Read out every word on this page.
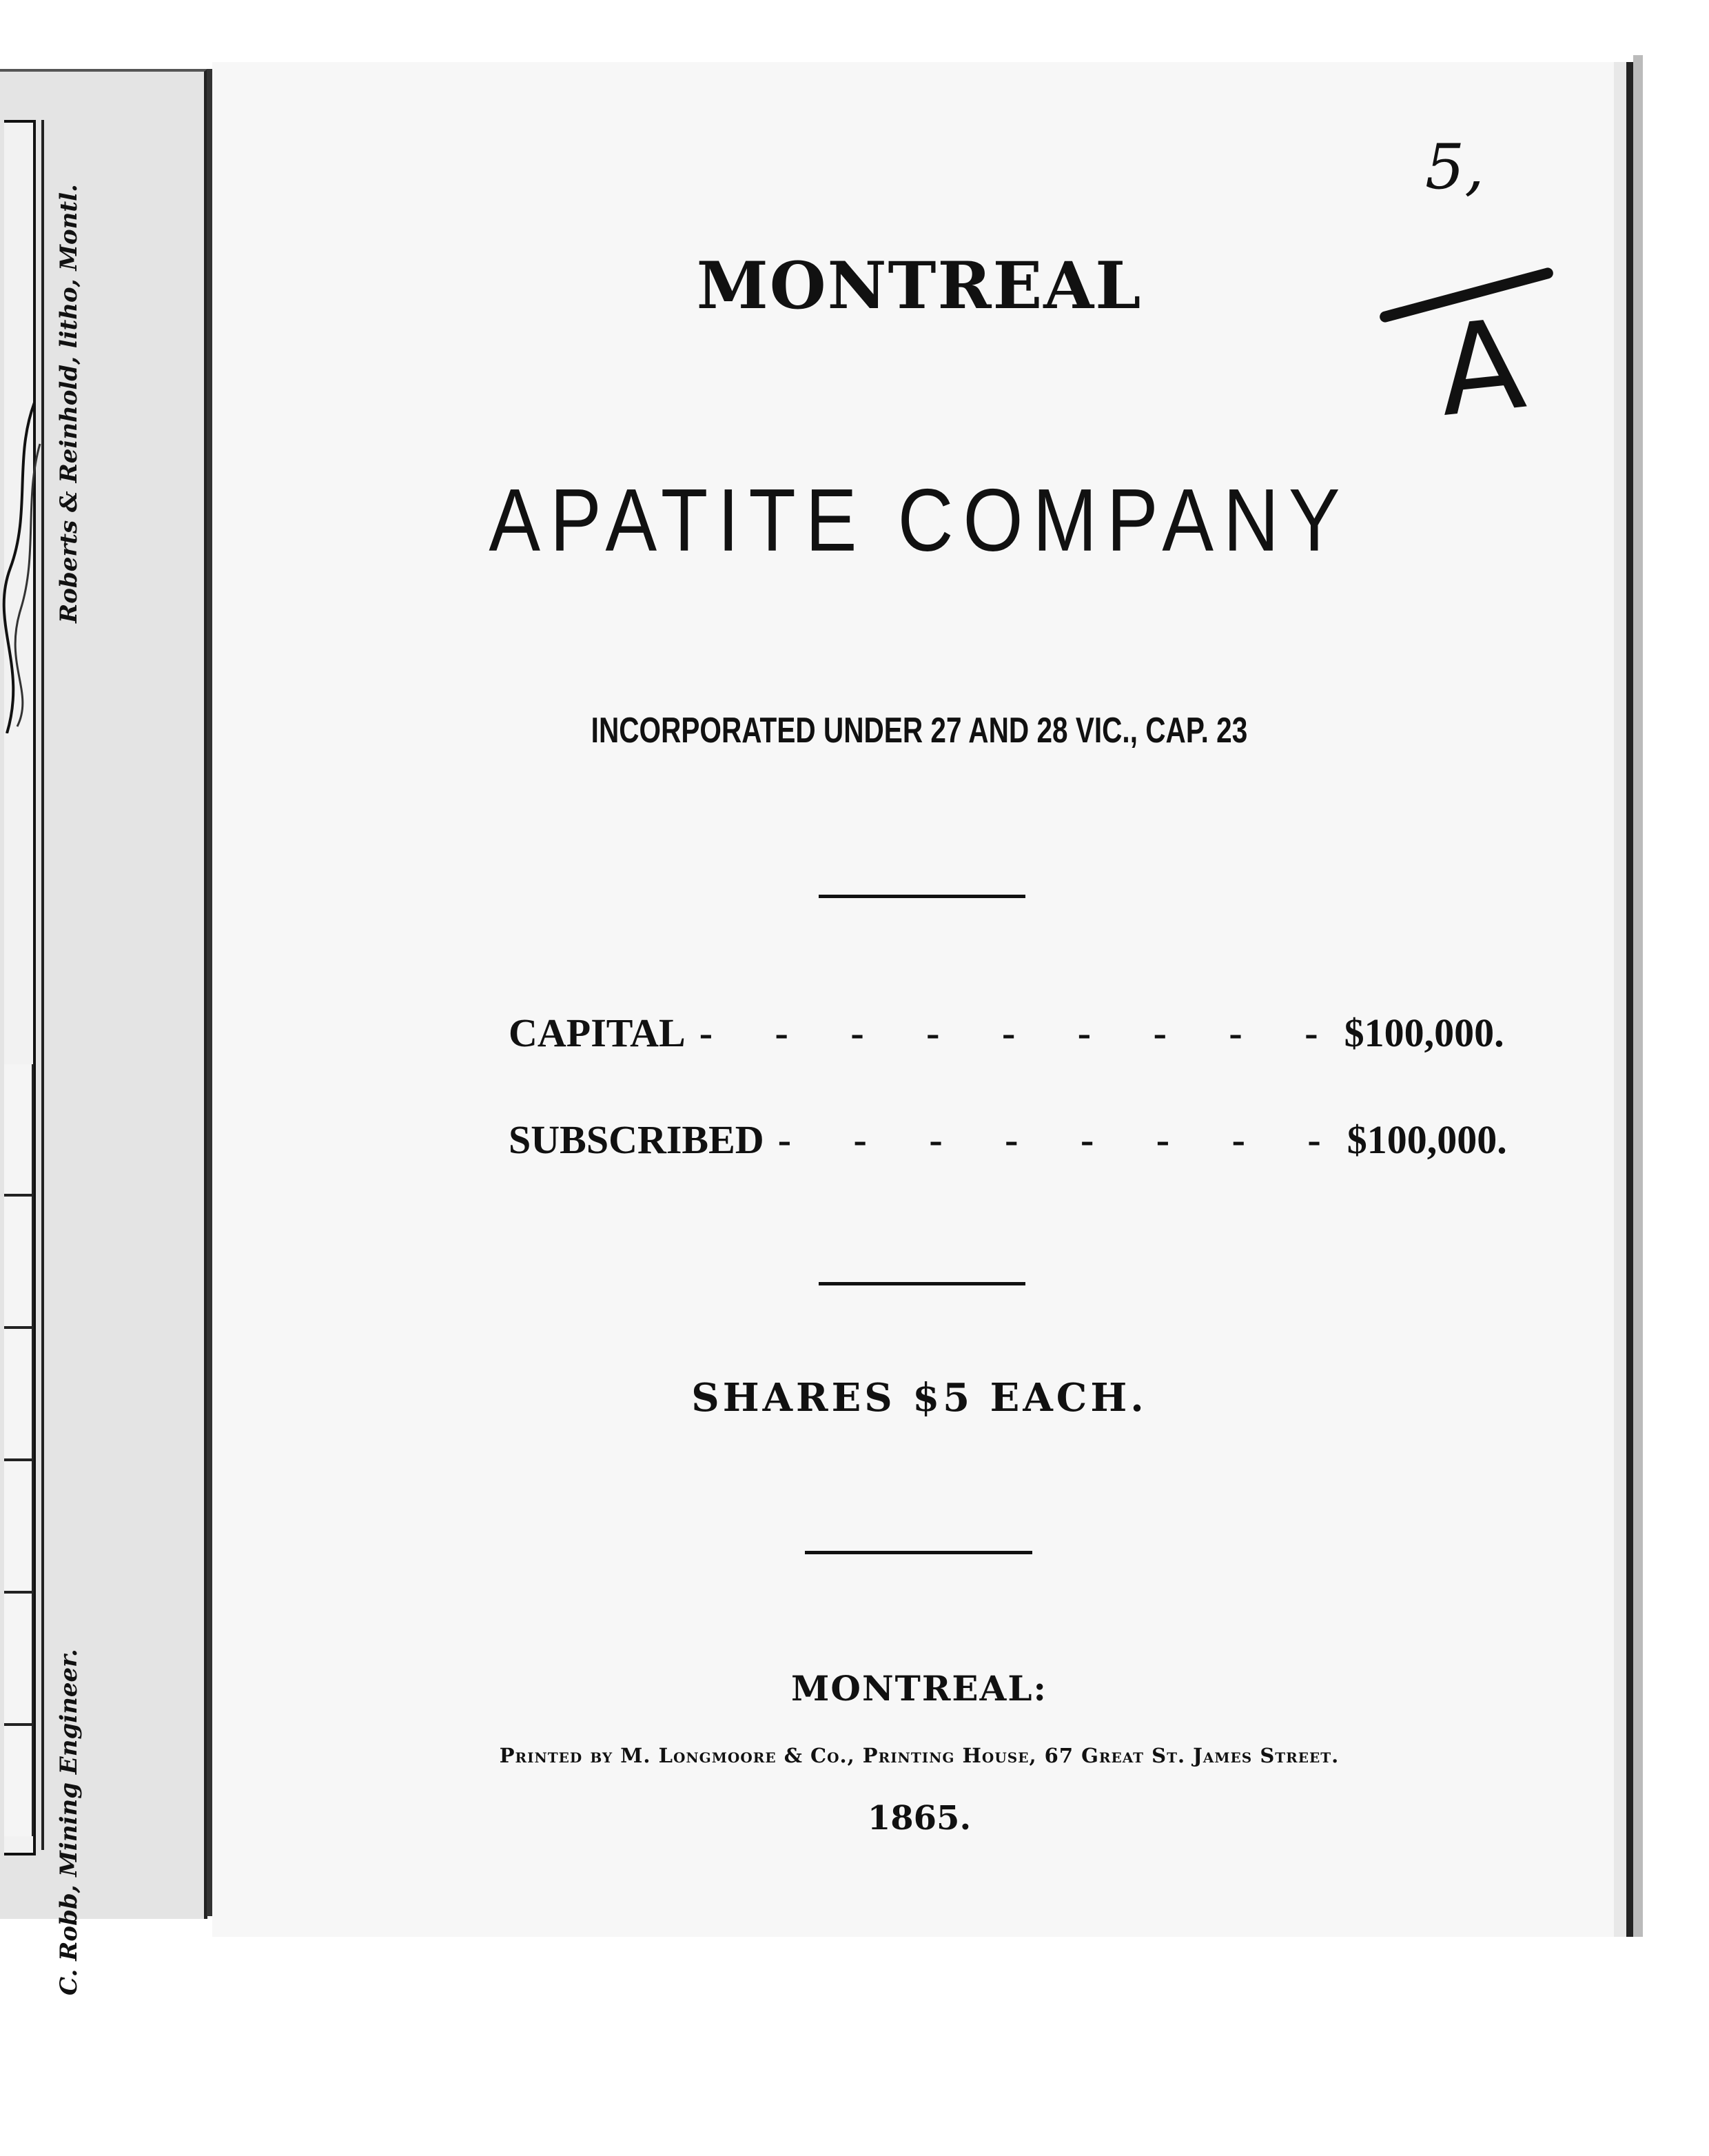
Roberts & Reinhold, litho, Montl.
C. Robb, Mining Engineer.
MONTREAL
APATITE COMPANY
INCORPORATED UNDER 27 AND 28 VIC., CAP. 23
CAPITAL - - - - - - - - - $100,000.
SUBSCRIBED - - - - - - - - $100,000.
SHARES $5 EACH.
MONTREAL:
Printed by M. Longmoore & Co., Printing House, 67 Great St. James Street.
1865.
5,
A
